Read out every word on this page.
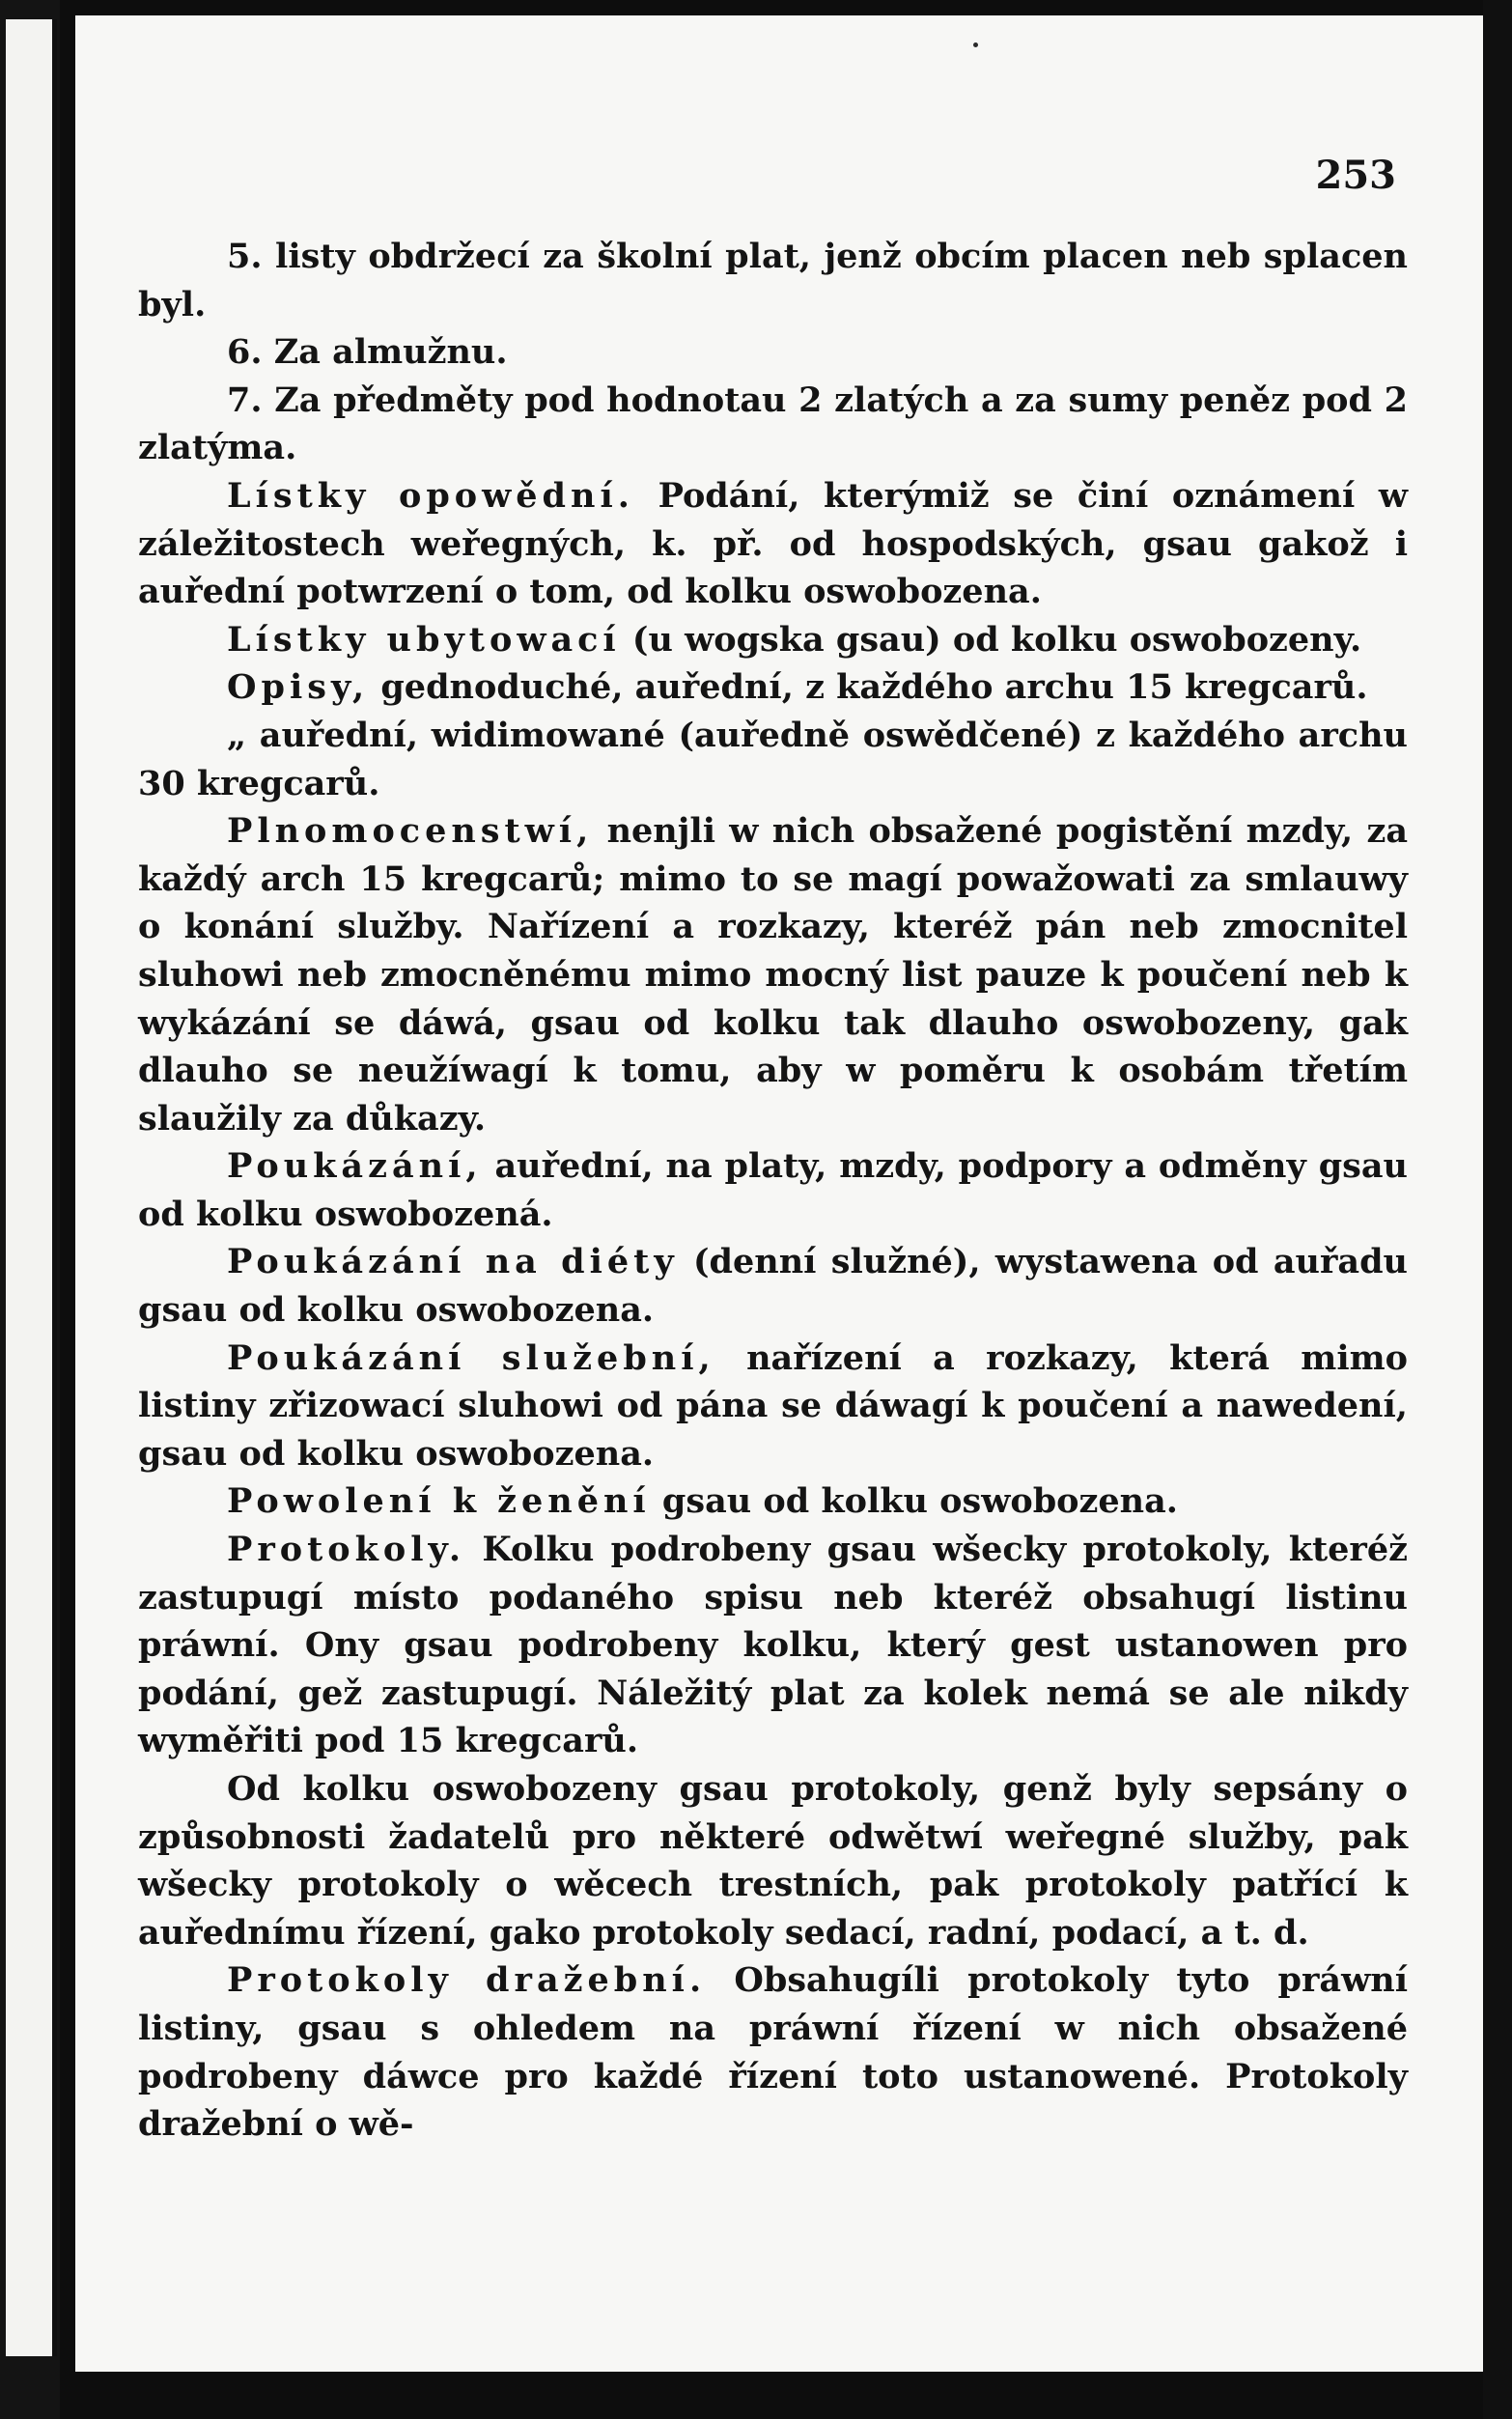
253

5. listy obdržecí za školní plat, jenž obcím placen neb splacen byl.

6. Za almužnu.

7. Za předměty pod hodnotau 2 zlatých a za sumy peněz pod 2 zlatýma.

Lístky opowědní. Podání, kterýmiž se činí oznámení w záležitostech weřegných, k. př. od hospodských, gsau gakož i auřední potwrzení o tom, od kolku oswobozena.

Lístky ubytowací (u wogska gsau) od kolku oswobozeny.

Opisy, gednoduché, auřední, z každého archu 15 kregcarů.

„ auřední, widimowané (auředně oswědčené) z každého archu 30 kregcarů.

Plnomocenstwí, nenjli w nich obsažené pogistění mzdy, za každý arch 15 kregcarů; mimo to se magí powažowati za smlauwy o konání služby. Nařízení a rozkazy, kteréž pán neb zmocnitel sluhowi neb zmocněnému mimo mocný list pauze k poučení neb k wykázání se dáwá, gsau od kolku tak dlauho oswobozeny, gak dlauho se neužíwagí k tomu, aby w poměru k osobám třetím slaužily za důkazy.

Poukázání, auřední, na platy, mzdy, podpory a odměny gsau od kolku oswobozená.

Poukázání na diéty (denní služné), wystawena od auřadu gsau od kolku oswobozena.

Poukázání služební, nařízení a rozkazy, která mimo listiny zřizowací sluhowi od pána se dáwagí k poučení a nawedení, gsau od kolku oswobozena.

Powolení k ženění gsau od kolku oswobozena.

Protokoly. Kolku podrobeny gsau wšecky protokoly, kteréž zastupugí místo podaného spisu neb kteréž obsahugí listinu práwní. Ony gsau podrobeny kolku, který gest ustanowen pro podání, gež zastupugí. Náležitý plat za kolek nemá se ale nikdy wyměřiti pod 15 kregcarů.

Od kolku oswobozeny gsau protokoly, genž byly sepsány o způsobnosti žadatelů pro některé odwětwí weřegné služby, pak wšecky protokoly o wěcech trestních, pak protokoly patřící k auřednímu řízení, gako protokoly sedací, radní, podací, a t. d.

Protokoly dražební. Obsahugíli protokoly tyto práwní listiny, gsau s ohledem na práwní řízení w nich obsažené podrobeny dáwce pro každé řízení toto ustanowené. Protokoly dražební o wě-
